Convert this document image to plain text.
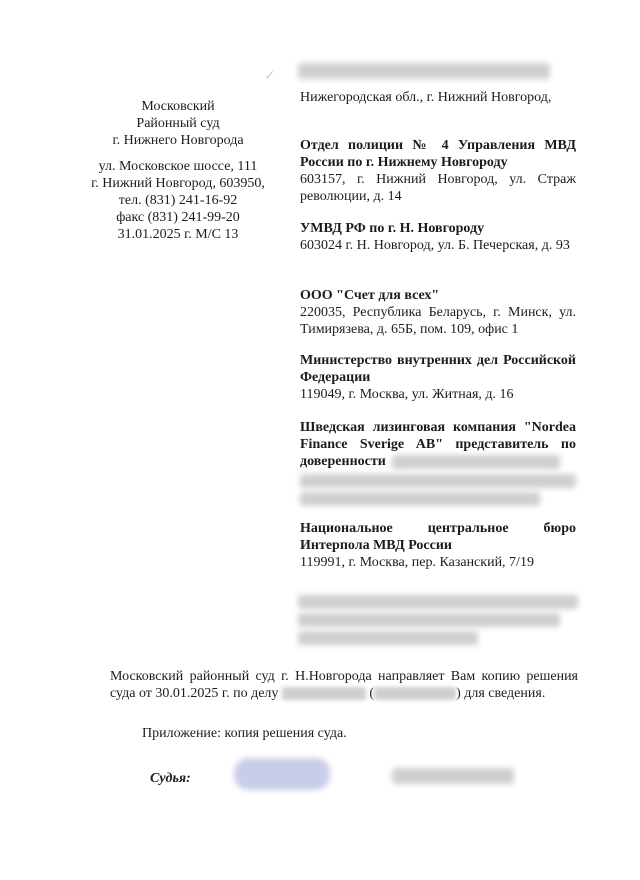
✓
Московский
Районный суд
г. Нижнего Новгорода
ул. Московское шоссе, 111
г. Нижний Новгород, 603950,
тел. (831) 241-16-92
факс (831) 241-99-20
31.01.2025 г. М/С 13
Нижегородская обл., г. Нижний Новгород,
Отдел полиции № 4 Управления МВД России по г. Нижнему Новгороду
603157, г. Нижний Новгород, ул. Страж революции, д. 14
УМВД РФ по г. Н. Новгороду
603024 г. Н. Новгород, ул. Б. Печерская, д. 93
ООО "Счет для всех"
220035, Республика Беларусь, г. Минск, ул. Тимирязева, д. 65Б, пом. 109, офис 1
Министерство внутренних дел Российской Федерации
119049, г. Москва, ул. Житная, д. 16
Шведская лизинговая компания "Nordea Finance Sverige AB" представитель по доверенности
Национальное центральное бюро Интерпола МВД России
119991, г. Москва, пер. Казанский, 7/19
Московский районный суд г. Н.Новгорода направляет Вам копию решения суда от 30.01.2025 г. по делу	(	) для сведения.
Приложение: копия решения суда.
Судья:
